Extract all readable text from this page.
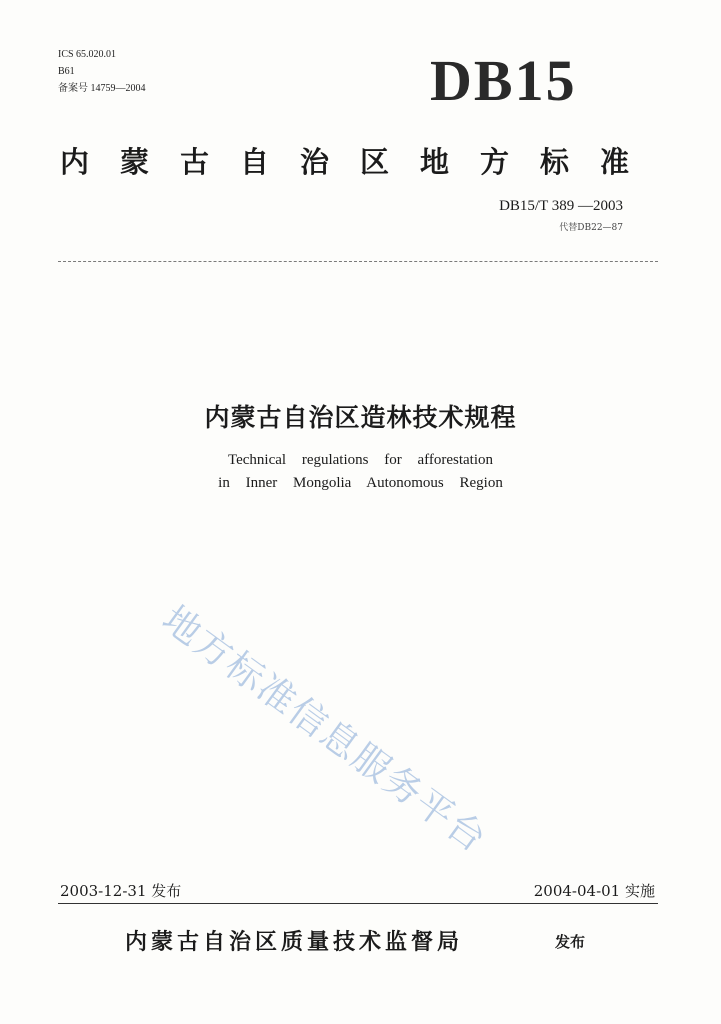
ICS 65.020.01
B61
备案号 14759—2004	DB15
内蒙古自治区地方标准
DB15/T 389 —2003
代替DB22—87
内蒙古自治区造林技术规程
Technical regulations for afforestation
in Inner Mongolia Autonomous Region
地方标准信息服务平台
2003-12-31 发布	2004-04-01 实施
内蒙古自治区质量技术监督局	发布
